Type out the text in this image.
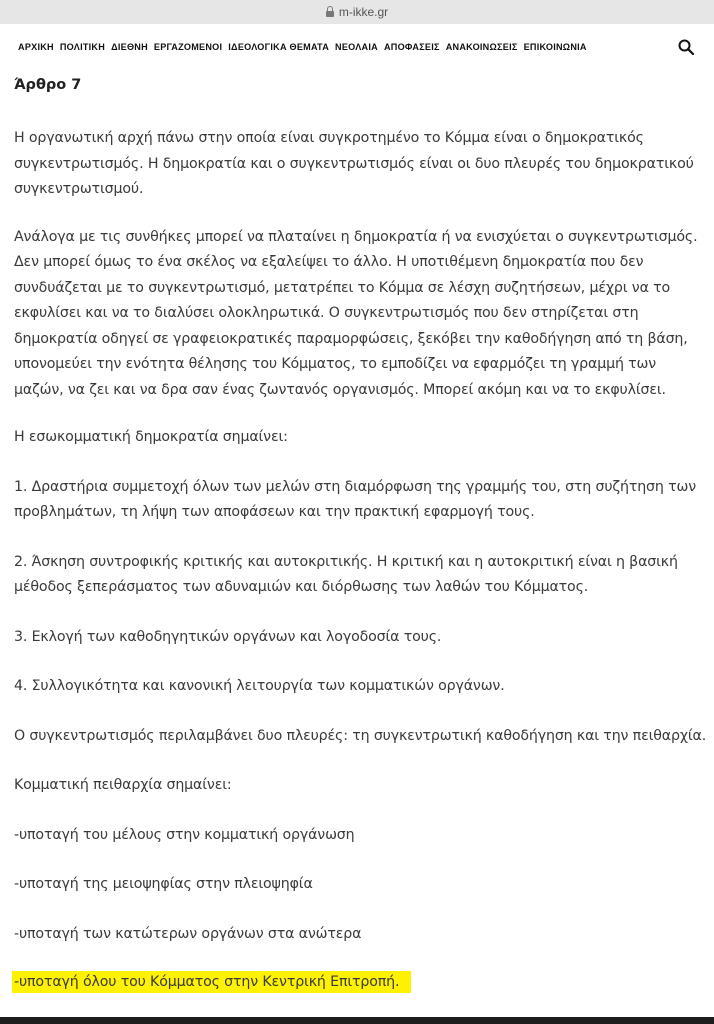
m-ikke.gr
ΑΡΧΙΚΗ ΠΟΛΙΤΙΚΗ ΔΙΕΘΝΗ ΕΡΓΑΖΟΜΕΝΟΙ ΙΔΕΟΛΟΓΙΚΑ ΘΕΜΑΤΑ ΝΕΟΛΑΙΑ ΑΠΟΦΑΣΕΙΣ ΑΝΑΚΟΙΝΩΣΕΙΣ ΕΠΙΚΟΙΝΩΝΙΑ
Άρθρο 7

Η οργανωτική αρχή πάνω στην οποία είναι συγκροτημένο το Κόμμα είναι ο δημοκρατικός συγκεντρωτισμός. Η δημοκρατία και ο συγκεντρωτισμός είναι οι δυο πλευρές του δημοκρατικού συγκεντρωτισμού.

Ανάλογα με τις συνθήκες μπορεί να πλαταίνει η δημοκρατία ή να ενισχύεται ο συγκεντρωτισμός. Δεν μπορεί όμως το ένα σκέλος να εξαλείψει το άλλο. Η υποτιθέμενη δημοκρατία που δεν συνδυάζεται με το συγκεντρωτισμό, μετατρέπει το Κόμμα σε λέσχη συζητήσεων, μέχρι να το εκφυλίσει και να το διαλύσει ολοκληρωτικά. Ο συγκεντρωτισμός που δεν στηρίζεται στη δημοκρατία οδηγεί σε γραφειοκρατικές παραμορφώσεις, ξεκόβει την καθοδήγηση από τη βάση, υπονομεύει την ενότητα θέλησης του Κόμματος, το εμποδίζει να εφαρμόζει τη γραμμή των μαζών, να ζει και να δρα σαν ένας ζωντανός οργανισμός. Μπορεί ακόμη και να το εκφυλίσει.

Η εσωκομματική δημοκρατία σημαίνει:

1. Δραστήρια συμμετοχή όλων των μελών στη διαμόρφωση της γραμμής του, στη συζήτηση των προβλημάτων, τη λήψη των αποφάσεων και την πρακτική εφαρμογή τους.

2. Άσκηση συντροφικής κριτικής και αυτοκριτικής. Η κριτική και η αυτοκριτική είναι η βασική μέθοδος ξεπεράσματος των αδυναμιών και διόρθωσης των λαθών του Κόμματος.

3. Εκλογή των καθοδηγητικών οργάνων και λογοδοσία τους.

4. Συλλογικότητα και κανονική λειτουργία των κομματικών οργάνων.

Ο συγκεντρωτισμός περιλαμβάνει δυο πλευρές: τη συγκεντρωτική καθοδήγηση και την πειθαρχία.

Κομματική πειθαρχία σημαίνει:

-υποταγή του μέλους στην κομματική οργάνωση

-υποταγή της μειοψηφίας στην πλειοψηφία

-υποταγή των κατώτερων οργάνων στα ανώτερα

-υποταγή όλου του Κόμματος στην Κεντρική Επιτροπή.
